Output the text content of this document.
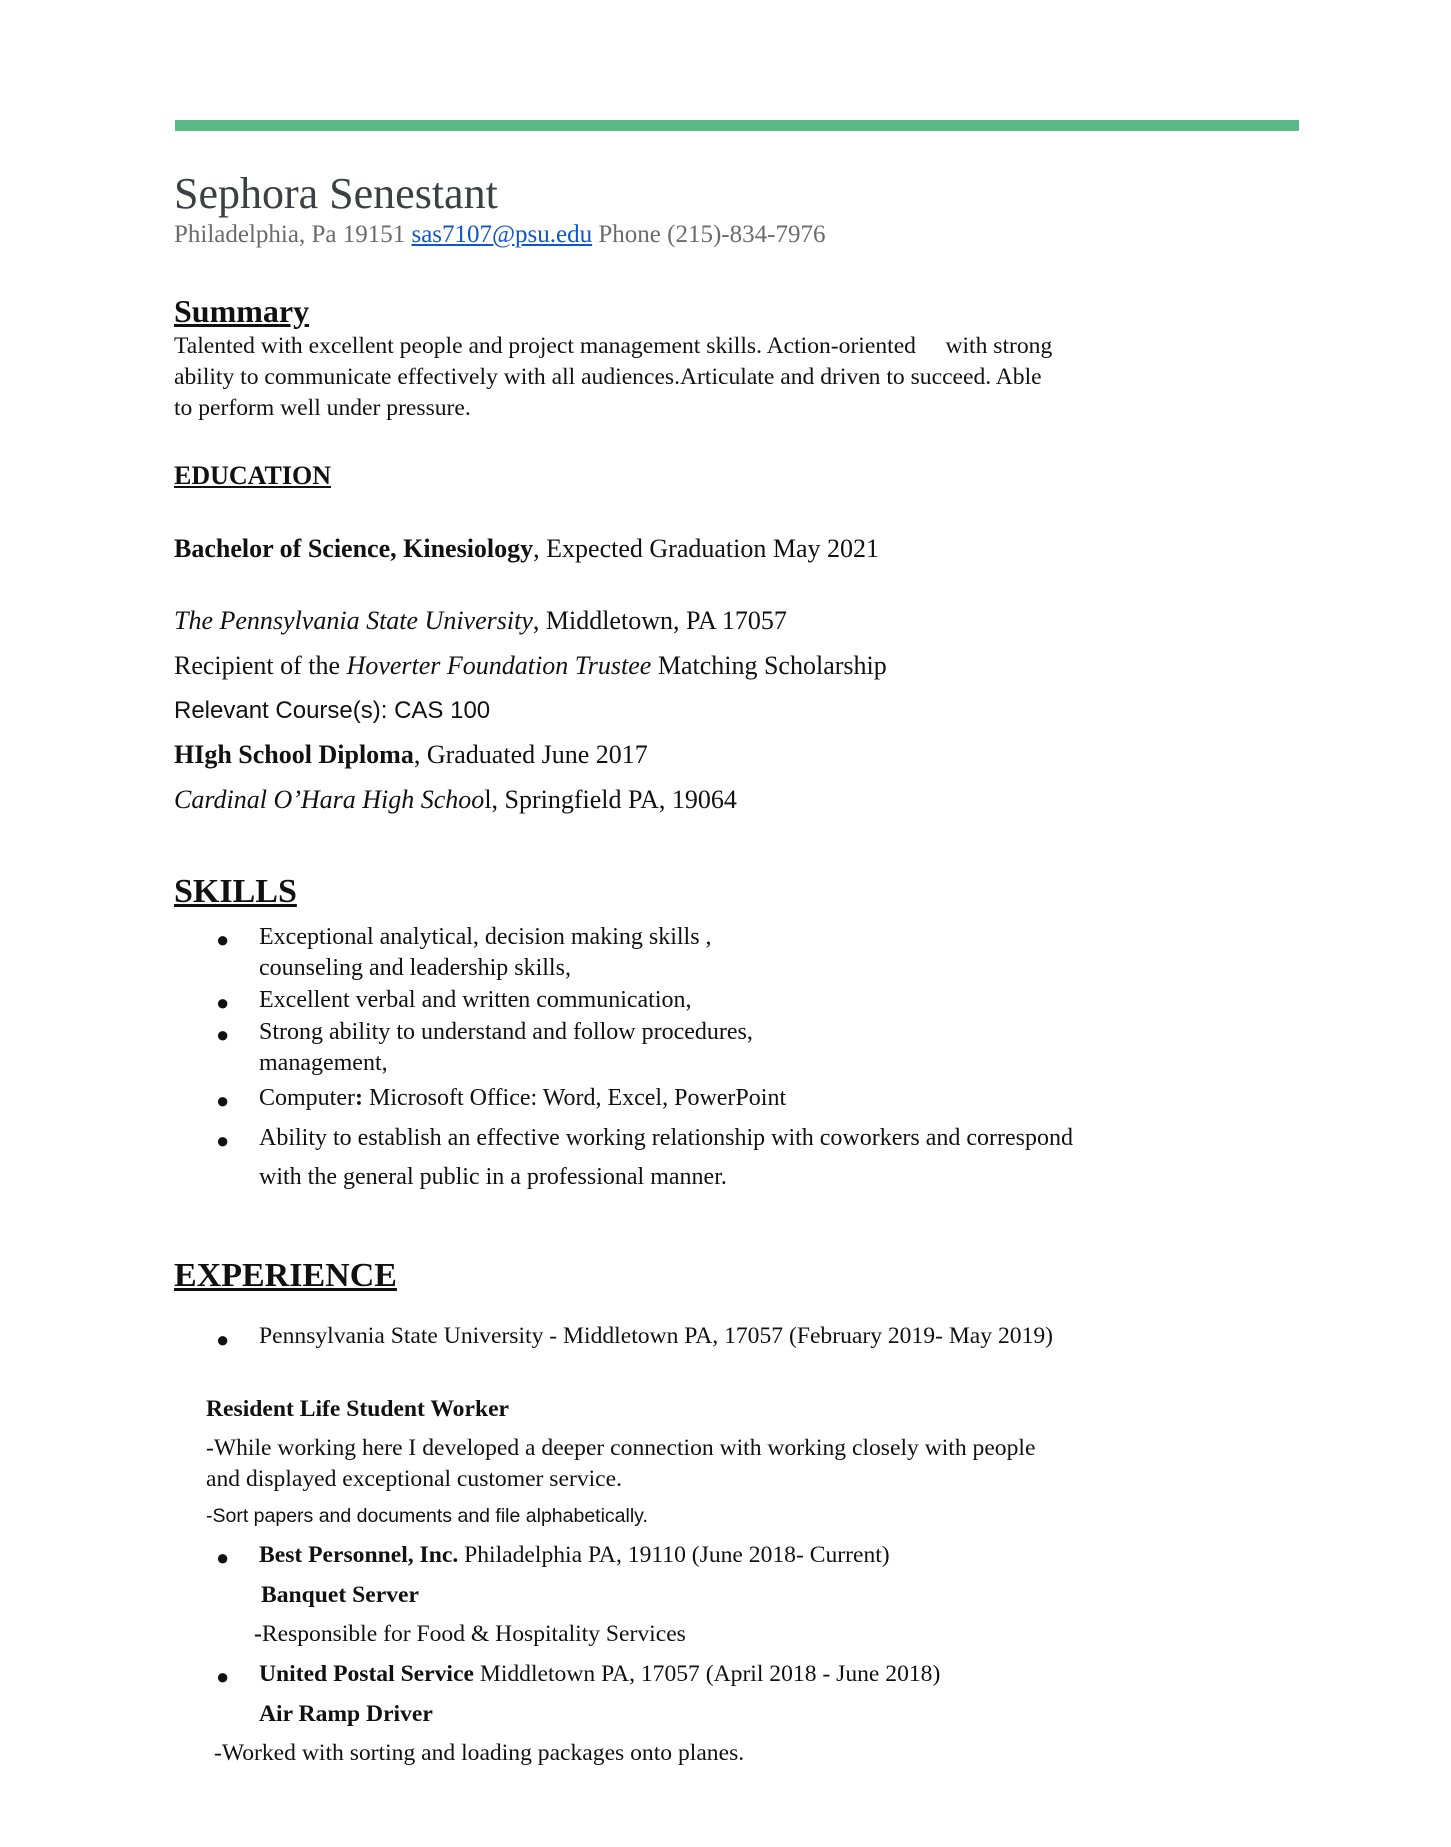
Sephora Senestant
Philadelphia, Pa 19151 sas7107@psu.edu Phone (215)-834-7976
Summary
Talented with excellent people and project management skills. Action-oriented     with strong ability to communicate effectively with all audiences.Articulate and driven to succeed. Able to perform well under pressure.
EDUCATION
Bachelor of Science, Kinesiology, Expected Graduation May 2021
The Pennsylvania State University, Middletown, PA 17057
Recipient of the Hoverter Foundation Trustee Matching Scholarship
Relevant Course(s): CAS 100
HIgh School Diploma, Graduated June 2017
Cardinal O’Hara High School, Springfield PA, 19064
SKILLS
● Exceptional analytical, decision making skills ,
counseling and leadership skills,
● Excellent verbal and written communication,
● Strong ability to understand and follow procedures,
management,
● Computer: Microsoft Office: Word, Excel, PowerPoint
● Ability to establish an effective working relationship with coworkers and correspond with the general public in a professional manner.
EXPERIENCE
● Pennsylvania State University - Middletown PA, 17057 (February 2019- May 2019)
Resident Life Student Worker
-While working here I developed a deeper connection with working closely with people and displayed exceptional customer service.
-Sort papers and documents and file alphabetically.
● Best Personnel, Inc. Philadelphia PA, 19110 (June 2018- Current)
Banquet Server
-Responsible for Food & Hospitality Services
● United Postal Service Middletown PA, 17057 (April 2018 - June 2018)
Air Ramp Driver
-Worked with sorting and loading packages onto planes.
